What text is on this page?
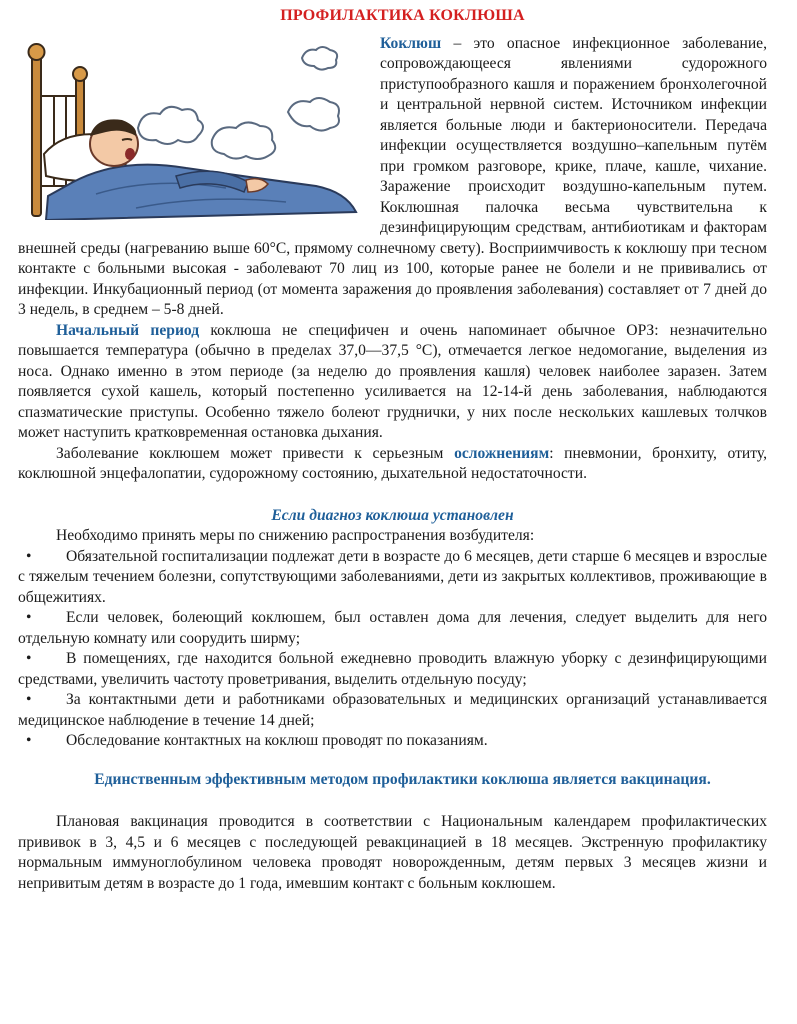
ПРОФИЛАКТИКА КОКЛЮША

Коклюш – это опасное инфекционное заболевание, сопровождающееся явлениями судорожного приступообразного кашля и поражением бронхолегочной и центральной нервной систем. Источником инфекции является больные люди и бактерионосители. Передача инфекции осуществляется воздушно–капельным путём при громком разговоре, крике, плаче, кашле, чихание. Заражение происходит воздушно-капельным путем. Коклюшная палочка весьма чувствительна к дезинфицирующим средствам, антибиотикам и факторам внешней среды (нагреванию выше 60°С, прямому солнечному свету). Восприимчивость к коклюшу при тесном контакте с больными высокая - заболевают 70 лиц из 100, которые ранее не болели и не прививались от инфекции. Инкубационный период (от момента заражения до проявления заболевания) составляет от 7 дней до 3 недель, в среднем – 5-8 дней.

Начальный период коклюша не специфичен и очень напоминает обычное ОРЗ: незначительно повышается температура (обычно в пределах 37,0—37,5 °С), отмечается легкое недомогание, выделения из носа. Однако именно в этом периоде (за неделю до проявления кашля) человек наиболее заразен. Затем появляется сухой кашель, который постепенно усиливается на 12-14-й день заболевания, наблюдаются спазматические приступы. Особенно тяжело болеют груднички, у них после нескольких кашлевых толчков может наступить кратковременная остановка дыхания.

Заболевание коклюшем может привести к серьезным осложнениям: пневмонии, бронхиту, отиту, коклюшной энцефалопатии, судорожному состоянию, дыхательной недостаточности.

Если диагноз коклюша установлен

Необходимо принять меры по снижению распространения возбудителя:

• Обязательной госпитализации подлежат дети в возрасте до 6 месяцев, дети старше 6 месяцев и взрослые с тяжелым течением болезни, сопутствующими заболеваниями, дети из закрытых коллективов, проживающие в общежитиях.
• Если человек, болеющий коклюшем, был оставлен дома для лечения, следует выделить для него отдельную комнату или соорудить ширму;
• В помещениях, где находится больной ежедневно проводить влажную уборку с дезинфицирующими средствами, увеличить частоту проветривания, выделить отдельную посуду;
• За контактными дети и работниками образовательных и медицинских организаций устанавливается медицинское наблюдение в течение 14 дней;
• Обследование контактных на коклюш проводят по показаниям.
Единственным эффективным методом профилактики коклюша является вакцинация.

Плановая вакцинация проводится в соответствии с Национальным календарем профилактических прививок в 3, 4,5 и 6 месяцев с последующей ревакцинацией в 18 месяцев. Экстренную профилактику нормальным иммуноглобулином человека проводят новорожденным, детям первых 3 месяцев жизни и непривитым детям в возрасте до 1 года, имевшим контакт с больным коклюшем.
